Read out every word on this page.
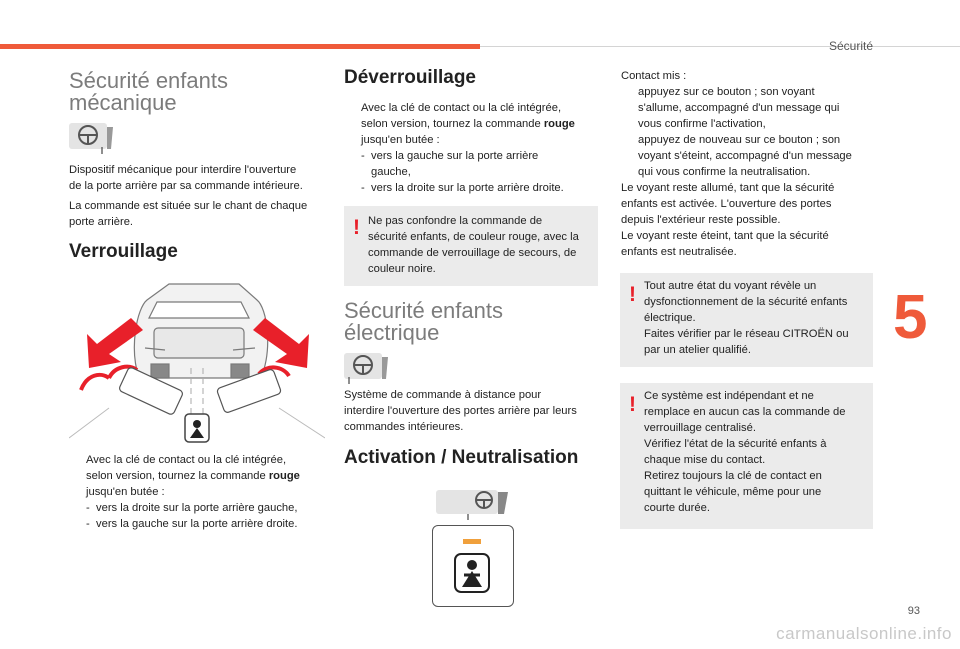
Sécurité
5
Sécurité enfants
mécanique
Dispositif mécanique pour interdire l'ouverture
de la porte arrière par sa commande intérieure.
La commande est située sur le chant de chaque
porte arrière.
Verrouillage
Avec la clé de contact ou la clé intégrée,
selon version, tournez la commande rouge
jusqu'en butée :
- vers la droite sur la porte arrière gauche,
- vers la gauche sur la porte arrière droite.
Déverrouillage
Avec la clé de contact ou la clé intégrée,
selon version, tournez la commande rouge
jusqu'en butée :
- vers la gauche sur la porte arrière
gauche,
- vers la droite sur la porte arrière droite.
! Ne pas confondre la commande de
sécurité enfants, de couleur rouge, avec la
commande de verrouillage de secours, de
couleur noire.
Sécurité enfants
électrique
Système de commande à distance pour
interdire l'ouverture des portes arrière par leurs
commandes intérieures.
Activation / Neutralisation
Contact mis :
appuyez sur ce bouton ; son voyant
s'allume, accompagné d'un message qui
vous confirme l'activation,
appuyez de nouveau sur ce bouton ; son
voyant s'éteint, accompagné d'un message
qui vous confirme la neutralisation.
Le voyant reste allumé, tant que la sécurité
enfants est activée. L'ouverture des portes
depuis l'extérieur reste possible.
Le voyant reste éteint, tant que la sécurité
enfants est neutralisée.
! Tout autre état du voyant révèle un
dysfonctionnement de la sécurité enfants
électrique.
Faites vérifier par le réseau CITROËN ou
par un atelier qualifié.
! Ce système est indépendant et ne
remplace en aucun cas la commande de
verrouillage centralisé.
Vérifiez l'état de la sécurité enfants à
chaque mise du contact.
Retirez toujours la clé de contact en
quittant le véhicule, même pour une
courte durée.
93
carmanualsonline.info
